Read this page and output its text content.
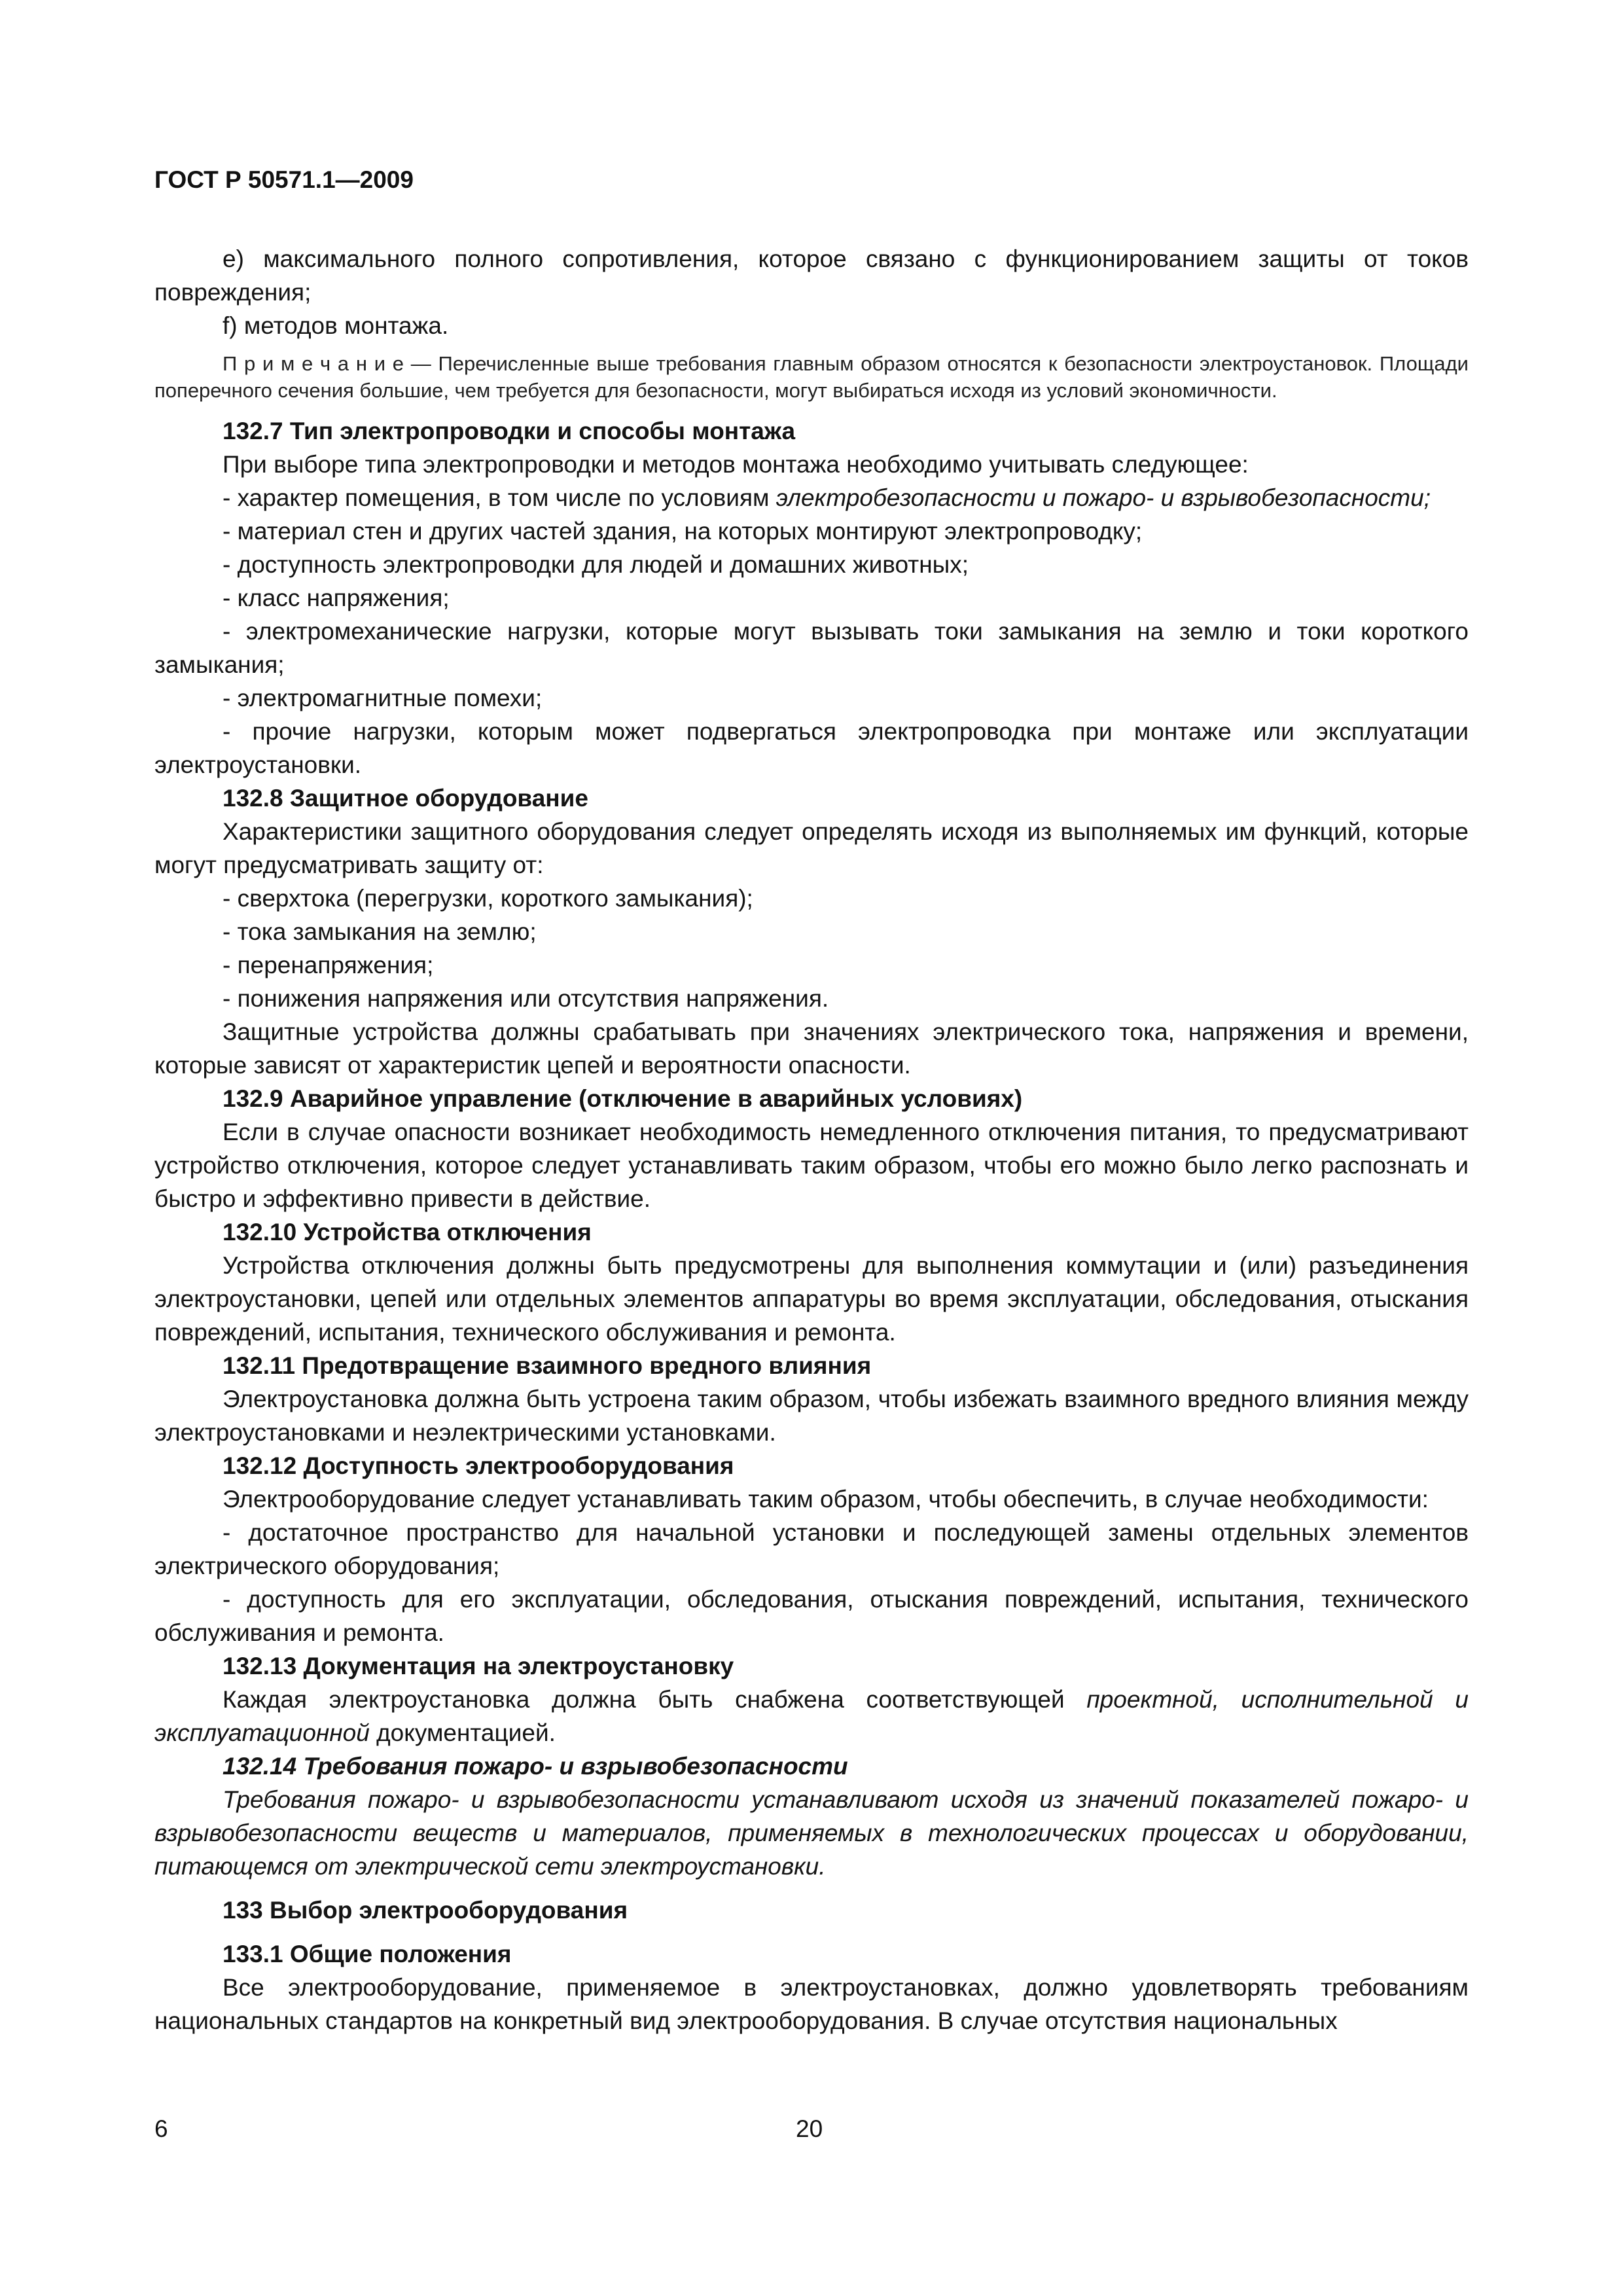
ГОСТ Р 50571.1—2009

е) максимального полного сопротивления, которое связано с функционированием защиты от токов повреждения;

f) методов монтажа.

П р и м е ч а н и е — Перечисленные выше требования главным образом относятся к безопасности электроустановок. Площади поперечного сечения большие, чем требуется для безопасности, могут выбираться исходя из условий экономичности.

132.7 Тип электропроводки и способы монтажа

При выборе типа электропроводки и методов монтажа необходимо учитывать следующее:

- характер помещения, в том числе по условиям электробезопасности и пожаро- и взрывобезопасности;

- материал стен и других частей здания, на которых монтируют электропроводку;

- доступность электропроводки для людей и домашних животных;

- класс напряжения;

- электромеханические нагрузки, которые могут вызывать токи замыкания на землю и токи короткого замыкания;

- электромагнитные помехи;

- прочие нагрузки, которым может подвергаться электропроводка при монтаже или эксплуатации электроустановки.

132.8 Защитное оборудование

Характеристики защитного оборудования следует определять исходя из выполняемых им функций, которые могут предусматривать защиту от:

- сверхтока (перегрузки, короткого замыкания);

- тока замыкания на землю;

- перенапряжения;

- понижения напряжения или отсутствия напряжения.

Защитные устройства должны срабатывать при значениях электрического тока, напряжения и времени, которые зависят от характеристик цепей и вероятности опасности.

132.9 Аварийное управление (отключение в аварийных условиях)

Если в случае опасности возникает необходимость немедленного отключения питания, то предусматривают устройство отключения, которое следует устанавливать таким образом, чтобы его можно было легко распознать и быстро и эффективно привести в действие.

132.10 Устройства отключения

Устройства отключения должны быть предусмотрены для выполнения коммутации и (или) разъединения электроустановки, цепей или отдельных элементов аппаратуры во время эксплуатации, обследования, отыскания повреждений, испытания, технического обслуживания и ремонта.

132.11 Предотвращение взаимного вредного влияния

Электроустановка должна быть устроена таким образом, чтобы избежать взаимного вредного влияния между электроустановками и неэлектрическими установками.

132.12 Доступность электрооборудования

Электрооборудование следует устанавливать таким образом, чтобы обеспечить, в случае необходимости:

- достаточное пространство для начальной установки и последующей замены отдельных элементов электрического оборудования;

- доступность для его эксплуатации, обследования, отыскания повреждений, испытания, технического обслуживания и ремонта.

132.13 Документация на электроустановку

Каждая электроустановка должна быть снабжена соответствующей проектной, исполнительной и эксплуатационной документацией.

132.14 Требования пожаро- и взрывобезопасности

Требования пожаро- и взрывобезопасности устанавливают исходя из значений показателей пожаро- и взрывобезопасности веществ и материалов, применяемых в технологических процессах и оборудовании, питающемся от электрической сети электроустановки.

133 Выбор электрооборудования

133.1 Общие положения

Все электрооборудование, применяемое в электроустановках, должно удовлетворять требованиям национальных стандартов на конкретный вид электрооборудования. В случае отсутствия национальных

6	20
